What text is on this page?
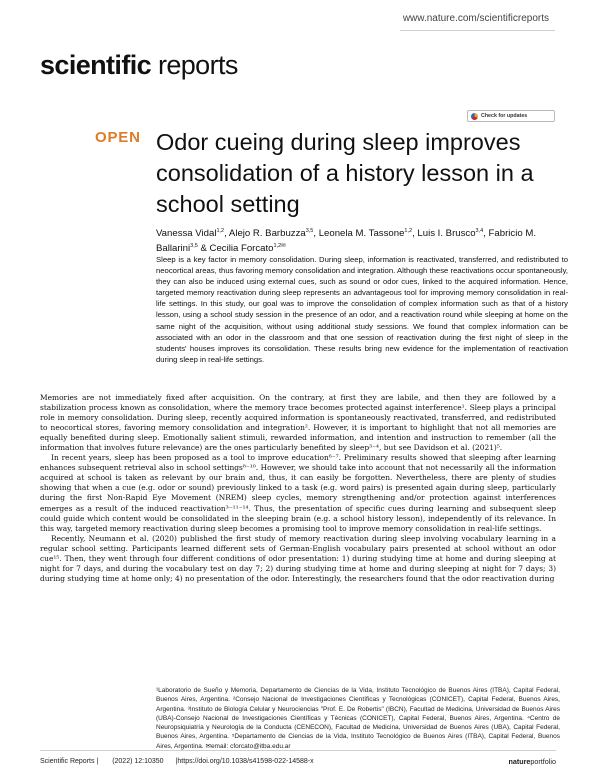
www.nature.com/scientificreports
scientific reports
Check for updates
OPEN Odor cueing during sleep improves consolidation of a history lesson in a school setting
Vanessa Vidal$^{1,2}$, Alejo R. Barbuzza$^{3,5}$, Leonela M. Tassone$^{1,2}$, Luis I. Brusco$^{3,4}$, Fabricio M. Ballarini$^{3,5}$ & Cecilia Forcato$^{1,2✉}$
Sleep is a key factor in memory consolidation. During sleep, information is reactivated, transferred, and redistributed to neocortical areas, thus favoring memory consolidation and integration. Although these reactivations occur spontaneously, they can also be induced using external cues, such as sound or odor cues, linked to the acquired information. Hence, targeted memory reactivation during sleep represents an advantageous tool for improving memory consolidation in real-life settings. In this study, our goal was to improve the consolidation of complex information such as that of a history lesson, using a school study session in the presence of an odor, and a reactivation round while sleeping at home on the same night of the acquisition, without using additional study sessions. We found that complex information can be associated with an odor in the classroom and that one session of reactivation during the first night of sleep in the students' houses improves its consolidation. These results bring new evidence for the implementation of reactivation during sleep in real-life settings.

Memories are not immediately fixed after acquisition. On the contrary, at first they are labile, and then they are followed by a stabilization process known as consolidation, where the memory trace becomes protected against interference¹. Sleep plays a principal role in memory consolidation. During sleep, recently acquired information is spontaneously reactivated, transferred, and redistributed to neocortical stores, favoring memory consolidation and integration². However, it is important to highlight that not all memories are equally benefited during sleep. Emotionally salient stimuli, rewarded information, and intention and instruction to remember (all the information that involves future relevance) are the ones particularly benefited by sleep³⁻⁴, but see Davidson et al. (2021)⁵.

In recent years, sleep has been proposed as a tool to improve education⁶⁻⁷. Preliminary results showed that sleeping after learning enhances subsequent retrieval also in school settings⁸⁻¹⁰. However, we should take into account that not necessarily all the information acquired at school is taken as relevant by our brain and, thus, it can easily be forgotten. Nevertheless, there are plenty of studies showing that when a cue (e.g. odor or sound) previously linked to a task (e.g. word pairs) is presented again during sleep, particularly during the first Non-Rapid Eye Movement (NREM) sleep cycles, memory strengthening and/or protection against interferences emerges as a result of the induced reactivation³⁻¹¹⁻¹⁴. Thus, the presentation of specific cues during learning and subsequent sleep could guide which content would be consolidated in the sleeping brain (e.g. a school history lesson), independently of its relevance. In this way, targeted memory reactivation during sleep becomes a promising tool to improve memory consolidation in real-life settings.

Recently, Neumann et al. (2020) published the first study of memory reactivation during sleep involving vocabulary learning in a regular school setting. Participants learned different sets of German-English vocabulary pairs presented at school without an odor cue¹⁵. Then, they went through four different conditions of odor presentation: 1) during studying time at home and during sleeping at night for 7 days, and during the vocabulary test on day 7; 2) during studying time at home and during sleeping at night for 7 days; 3) during studying time at home only; 4) no presentation of the odor. Interestingly, the researchers found that the odor reactivation during

¹Laboratorio de Sueño y Memoria, Departamento de Ciencias de la Vida, Instituto Tecnológico de Buenos Aires (ITBA), Capital Federal, Buenos Aires, Argentina. ²Consejo Nacional de Investigaciones Científicas y Tecnológicas (CONICET), Capital Federal, Buenos Aires, Argentina. ³Instituto de Biología Celular y Neurociencias "Prof. E. De Robertis" (IBCN), Facultad de Medicina, Universidad de Buenos Aires (UBA)-Consejo Nacional de Investigaciones Científicas y Técnicas (CONICET), Capital Federal, Buenos Aires, Argentina. ⁴Centro de Neuropsiquiatría y Neurología de la Conducta (CENECON), Facultad de Medicina, Universidad de Buenos Aires (UBA), Capital Federal, Buenos Aires, Argentina. ⁵Departamento de Ciencias de la Vida, Instituto Tecnológico de Buenos Aires (ITBA), Capital Federal, Buenos Aires, Argentina. ✉email: cforcato@itba.edu.ar
Scientific Reports | (2022) 12:10350 | https://doi.org/10.1038/s41598-022-14588-x	natureportfolio
